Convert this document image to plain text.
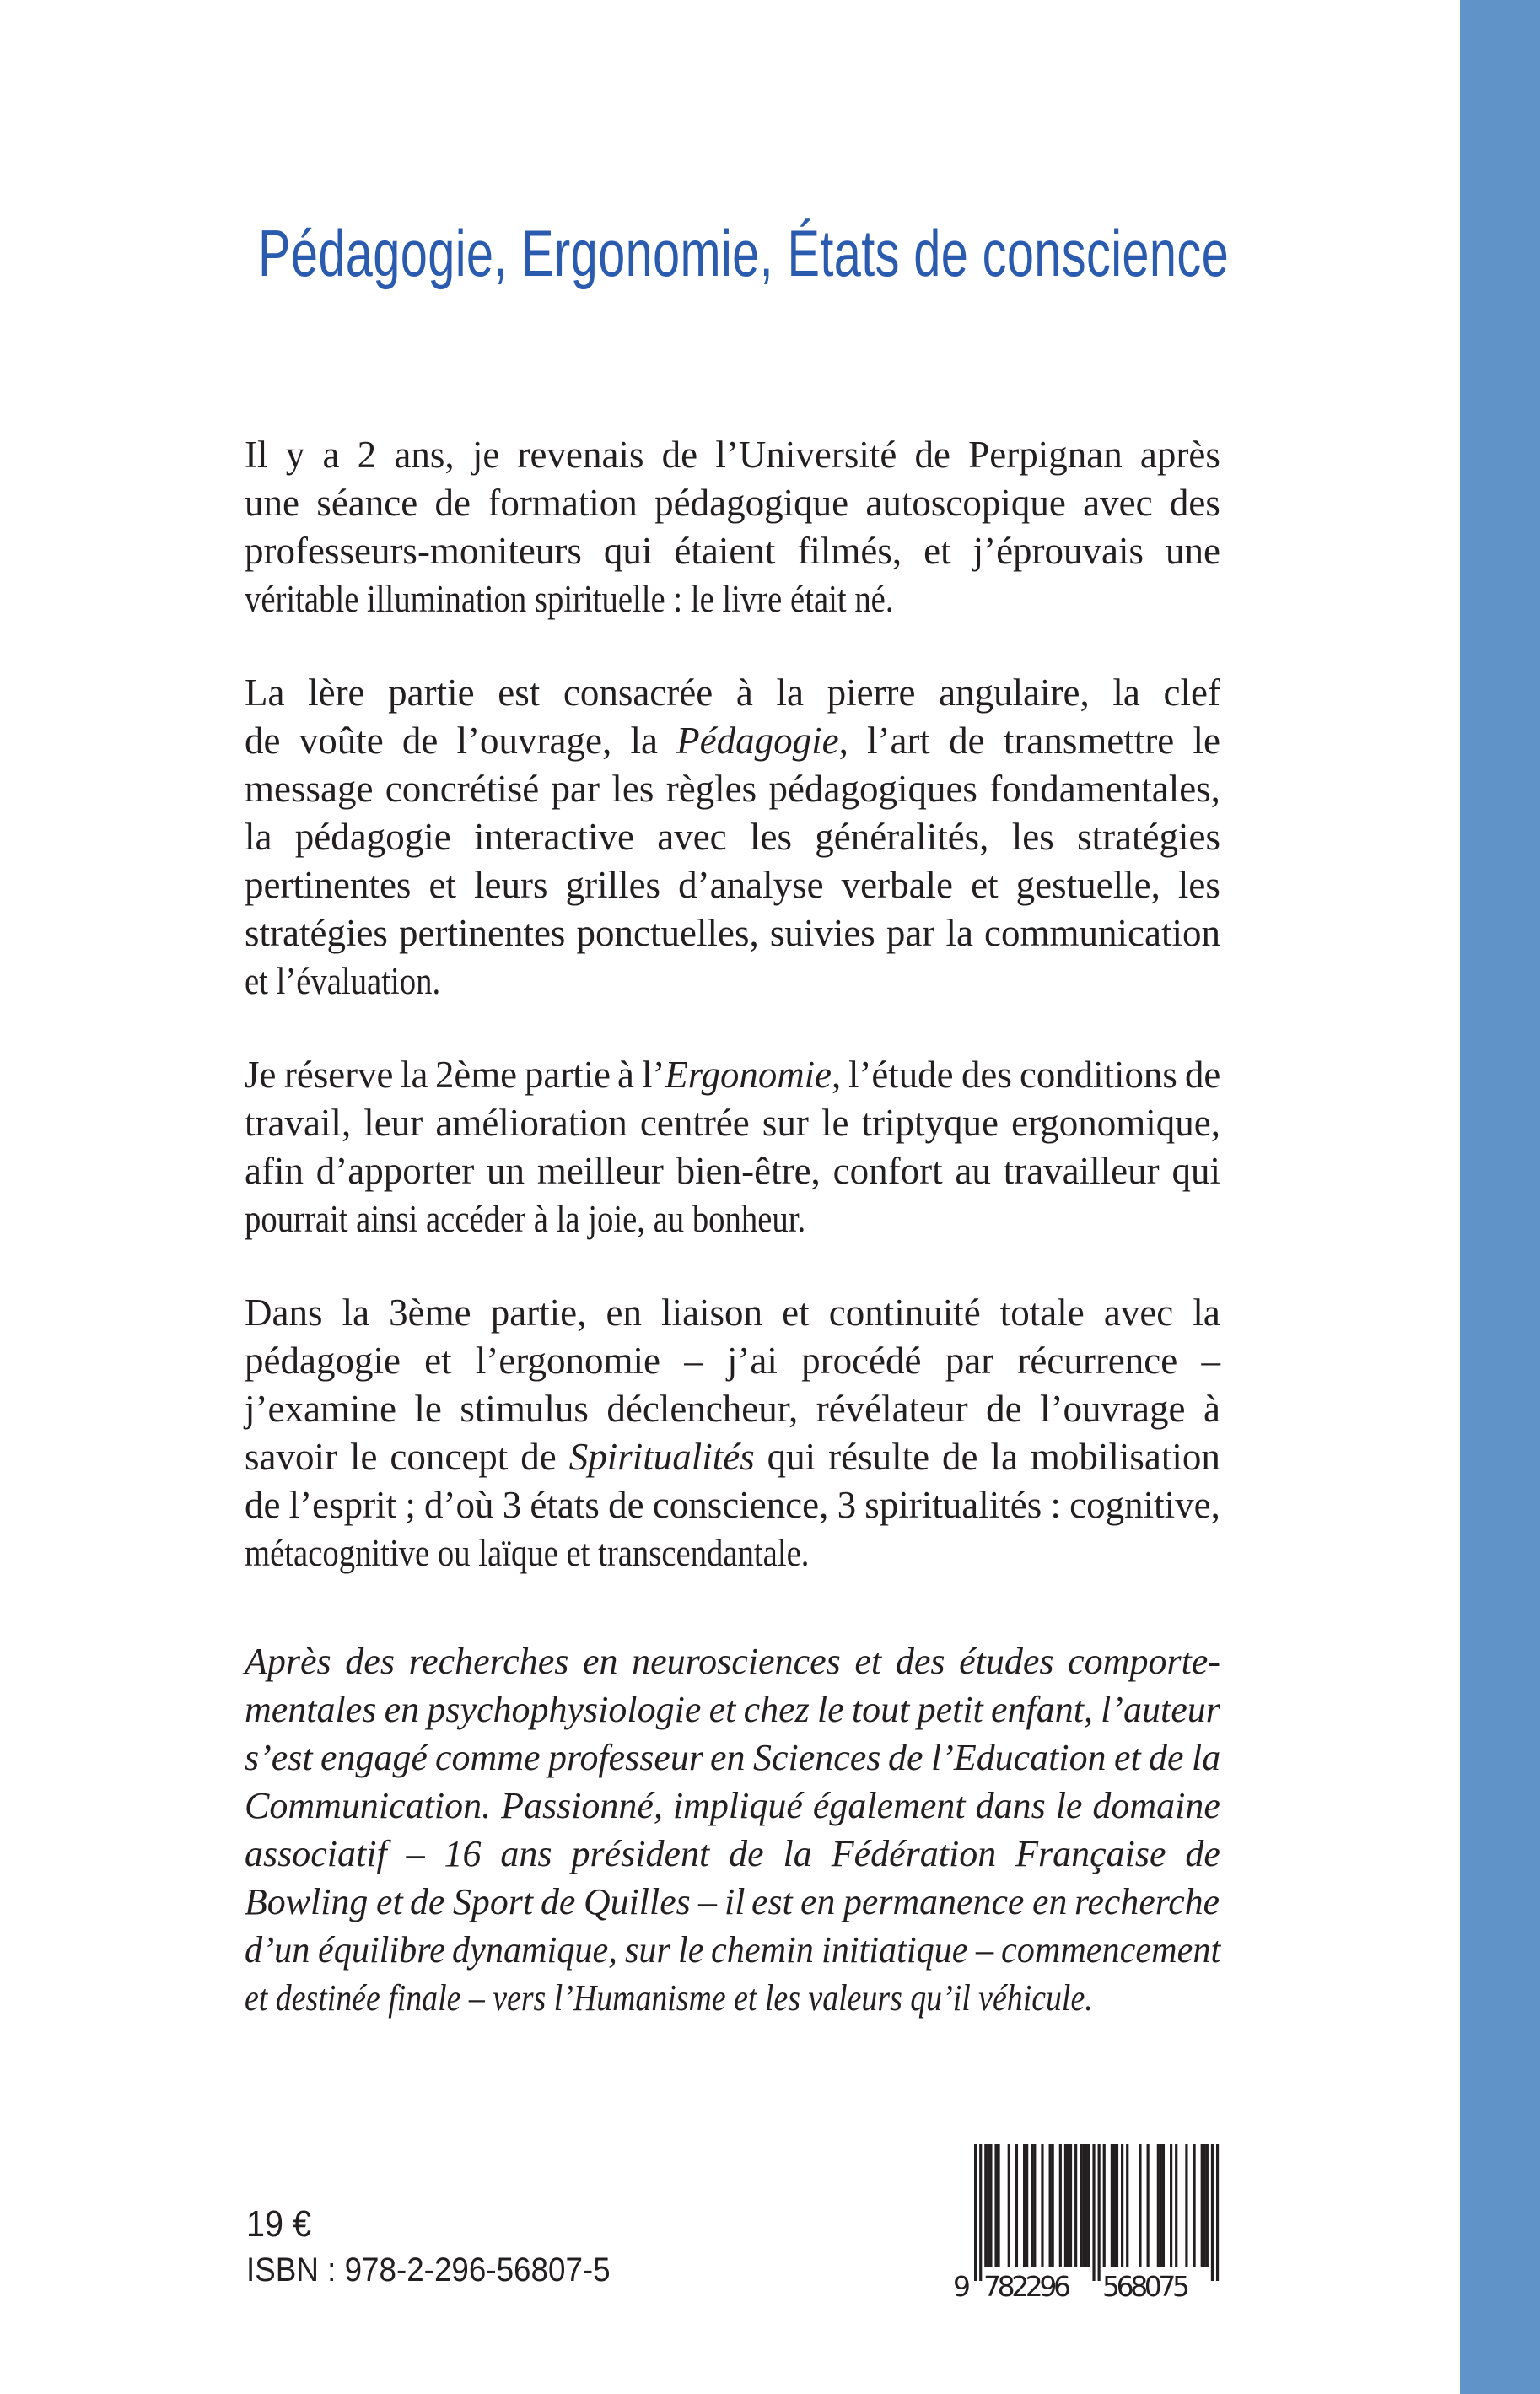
Pédagogie, Ergonomie, États de conscience
Il y a 2 ans, je revenais de l’Université de Perpignan après
une séance de formation pédagogique autoscopique avec des
professeurs-moniteurs qui étaient filmés, et j’éprouvais une
véritable illumination spirituelle : le livre était né.
La lère partie est consacrée à la pierre angulaire, la clef
de voûte de l’ouvrage, la Pédagogie, l’art de transmettre le
message concrétisé par les règles pédagogiques fondamentales,
la pédagogie interactive avec les généralités, les stratégies
pertinentes et leurs grilles d’analyse verbale et gestuelle, les
stratégies pertinentes ponctuelles, suivies par la communication
et l’évaluation.
Je réserve la 2ème partie à l’Ergonomie, l’étude des conditions de
travail, leur amélioration centrée sur le triptyque ergonomique,
afin d’apporter un meilleur bien-être, confort au travailleur qui
pourrait ainsi accéder à la joie, au bonheur.
Dans la 3ème partie, en liaison et continuité totale avec la
pédagogie et l’ergonomie – j’ai procédé par récurrence –
j’examine le stimulus déclencheur, révélateur de l’ouvrage à
savoir le concept de Spiritualités qui résulte de la mobilisation
de l’esprit ; d’où 3 états de conscience, 3 spiritualités : cognitive,
métacognitive ou laïque et transcendantale.
Après des recherches en neurosciences et des études comporte-
mentales en psychophysiologie et chez le tout petit enfant, l’auteur
s’est engagé comme professeur en Sciences de l’Education et de la
Communication. Passionné, impliqué également dans le domaine
associatif – 16 ans président de la Fédération Française de
Bowling et de Sport de Quilles – il est en permanence en recherche
d’un équilibre dynamique, sur le chemin initiatique – commencement
et destinée finale – vers l’Humanisme et les valeurs qu’il véhicule.
19 €
ISBN : 978-2-296-56807-5	9 782296 568075
